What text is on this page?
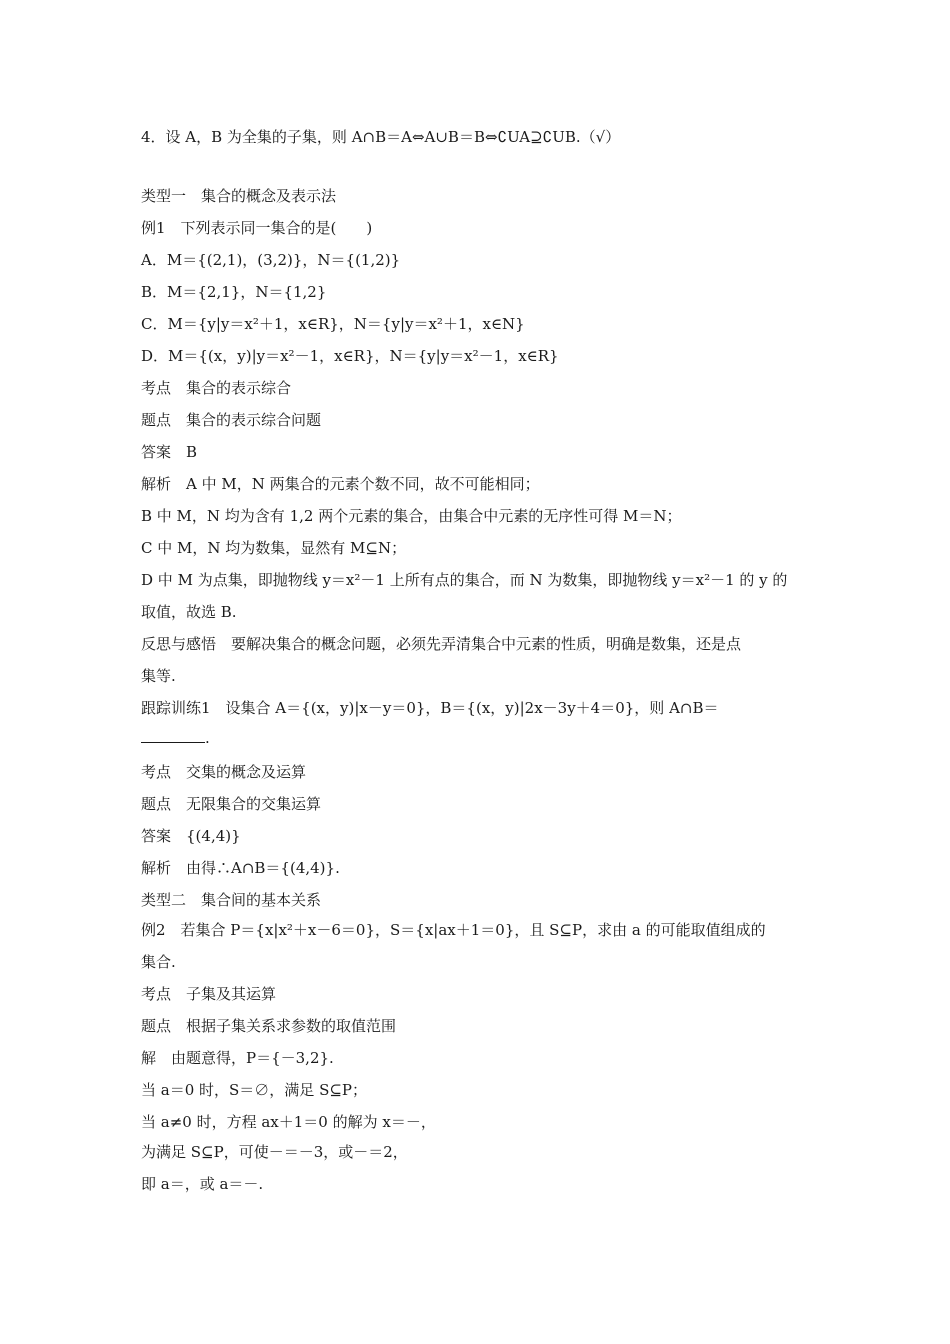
4．设 A，B 为全集的子集，则 A∩B＝A⇔A∪B＝B⇔∁UA⊇∁UB.（√）
类型一　集合的概念及表示法
例1　下列表示同一集合的是(　　)
A．M＝{(2,1)，(3,2)}，N＝{(1,2)}
B．M＝{2,1}，N＝{1,2}
C．M＝{y|y＝x²＋1，x∈R}，N＝{y|y＝x²＋1，x∈N}
D．M＝{(x，y)|y＝x²－1，x∈R}，N＝{y|y＝x²－1，x∈R}
考点　集合的表示综合
题点　集合的表示综合问题
答案　B
解析　A 中 M，N 两集合的元素个数不同，故不可能相同；
B 中 M，N 均为含有 1,2 两个元素的集合，由集合中元素的无序性可得 M＝N；
C 中 M，N 均为数集，显然有 M⊆N；
D 中 M 为点集，即抛物线 y＝x²－1 上所有点的集合，而 N 为数集，即抛物线 y＝x²－1 的 y 的
取值，故选 B.
反思与感悟　要解决集合的概念问题，必须先弄清集合中元素的性质，明确是数集，还是点
集等.
跟踪训练1　设集合 A＝{(x，y)|x－y＝0}，B＝{(x，y)|2x－3y＋4＝0}，则 A∩B＝
.
考点　交集的概念及运算
题点　无限集合的交集运算
答案　{(4,4)}
解析　由得∴A∩B＝{(4,4)}.
类型二　集合间的基本关系
例2　若集合 P＝{x|x²＋x－6＝0}，S＝{x|ax＋1＝0}，且 S⊆P，求由 a 的可能取值组成的
集合.
考点　子集及其运算
题点　根据子集关系求参数的取值范围
解　由题意得，P＝{－3,2}.
当 a＝0 时，S＝∅，满足 S⊆P；
当 a≠0 时，方程 ax＋1＝0 的解为 x＝－，
为满足 S⊆P，可使－＝－3，或－＝2，
即 a＝，或 a＝－.
